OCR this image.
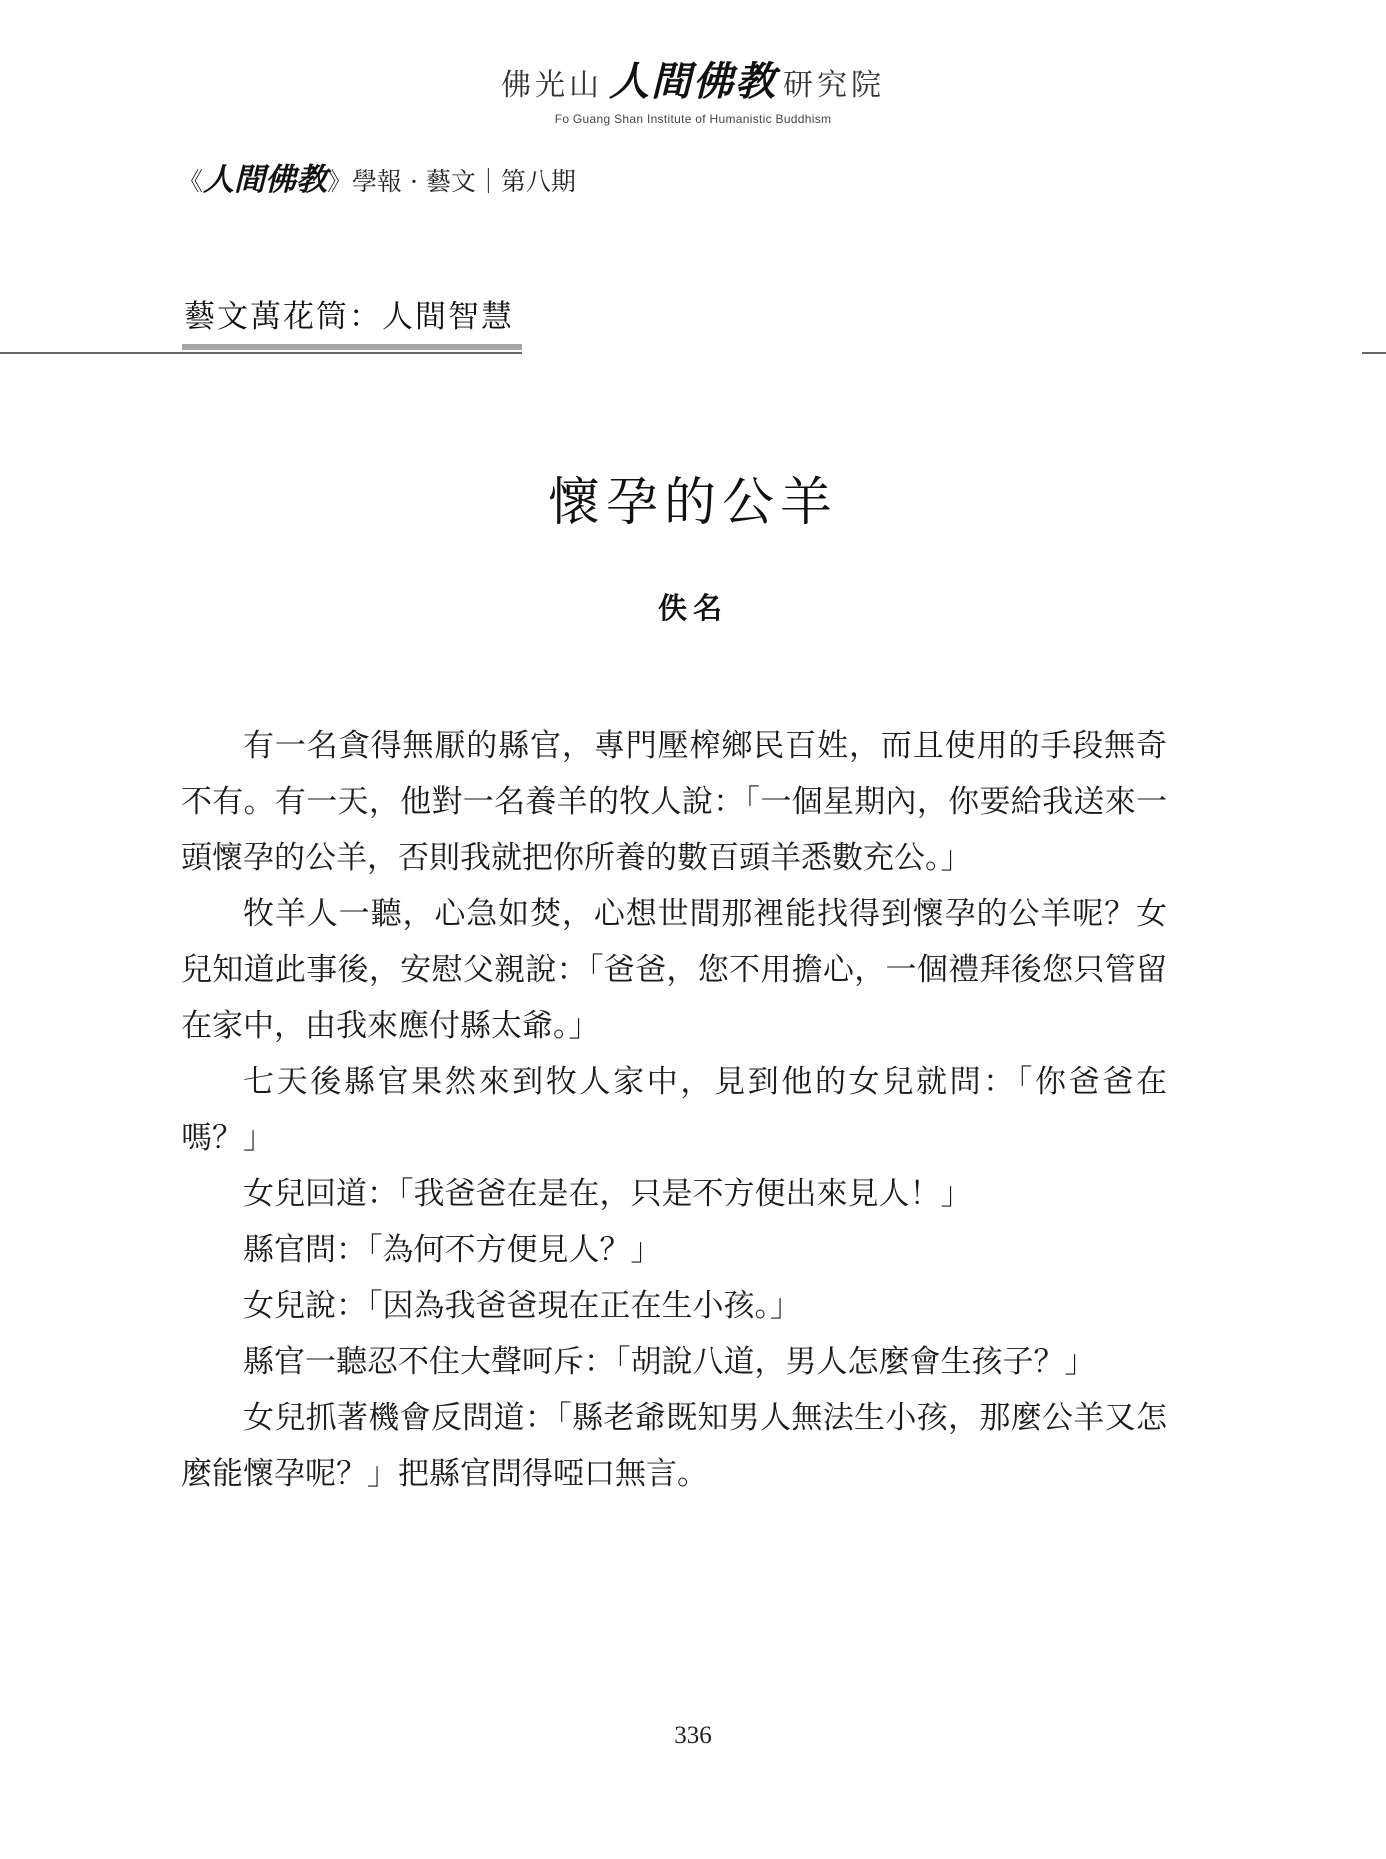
佛光山 人間佛教 研究院
Fo Guang Shan Institute of Humanistic Buddhism
《人間佛教》學報 · 藝文｜第八期
藝文萬花筒：人間智慧
懷孕的公羊
佚名

有一名貪得無厭的縣官，專門壓榨鄉民百姓，而且使用的手段無奇不有。有一天，他對一名養羊的牧人說：「一個星期內，你要給我送來一頭懷孕的公羊，否則我就把你所養的數百頭羊悉數充公。」

牧羊人一聽，心急如焚，心想世間那裡能找得到懷孕的公羊呢？女兒知道此事後，安慰父親說：「爸爸，您不用擔心，一個禮拜後您只管留在家中，由我來應付縣太爺。」

七天後縣官果然來到牧人家中，見到他的女兒就問：「你爸爸在嗎？」

女兒回道：「我爸爸在是在，只是不方便出來見人！」

縣官問：「為何不方便見人？」

女兒說：「因為我爸爸現在正在生小孩。」

縣官一聽忍不住大聲呵斥：「胡說八道，男人怎麼會生孩子？」

女兒抓著機會反問道：「縣老爺既知男人無法生小孩，那麼公羊又怎麼能懷孕呢？」把縣官問得啞口無言。

336
